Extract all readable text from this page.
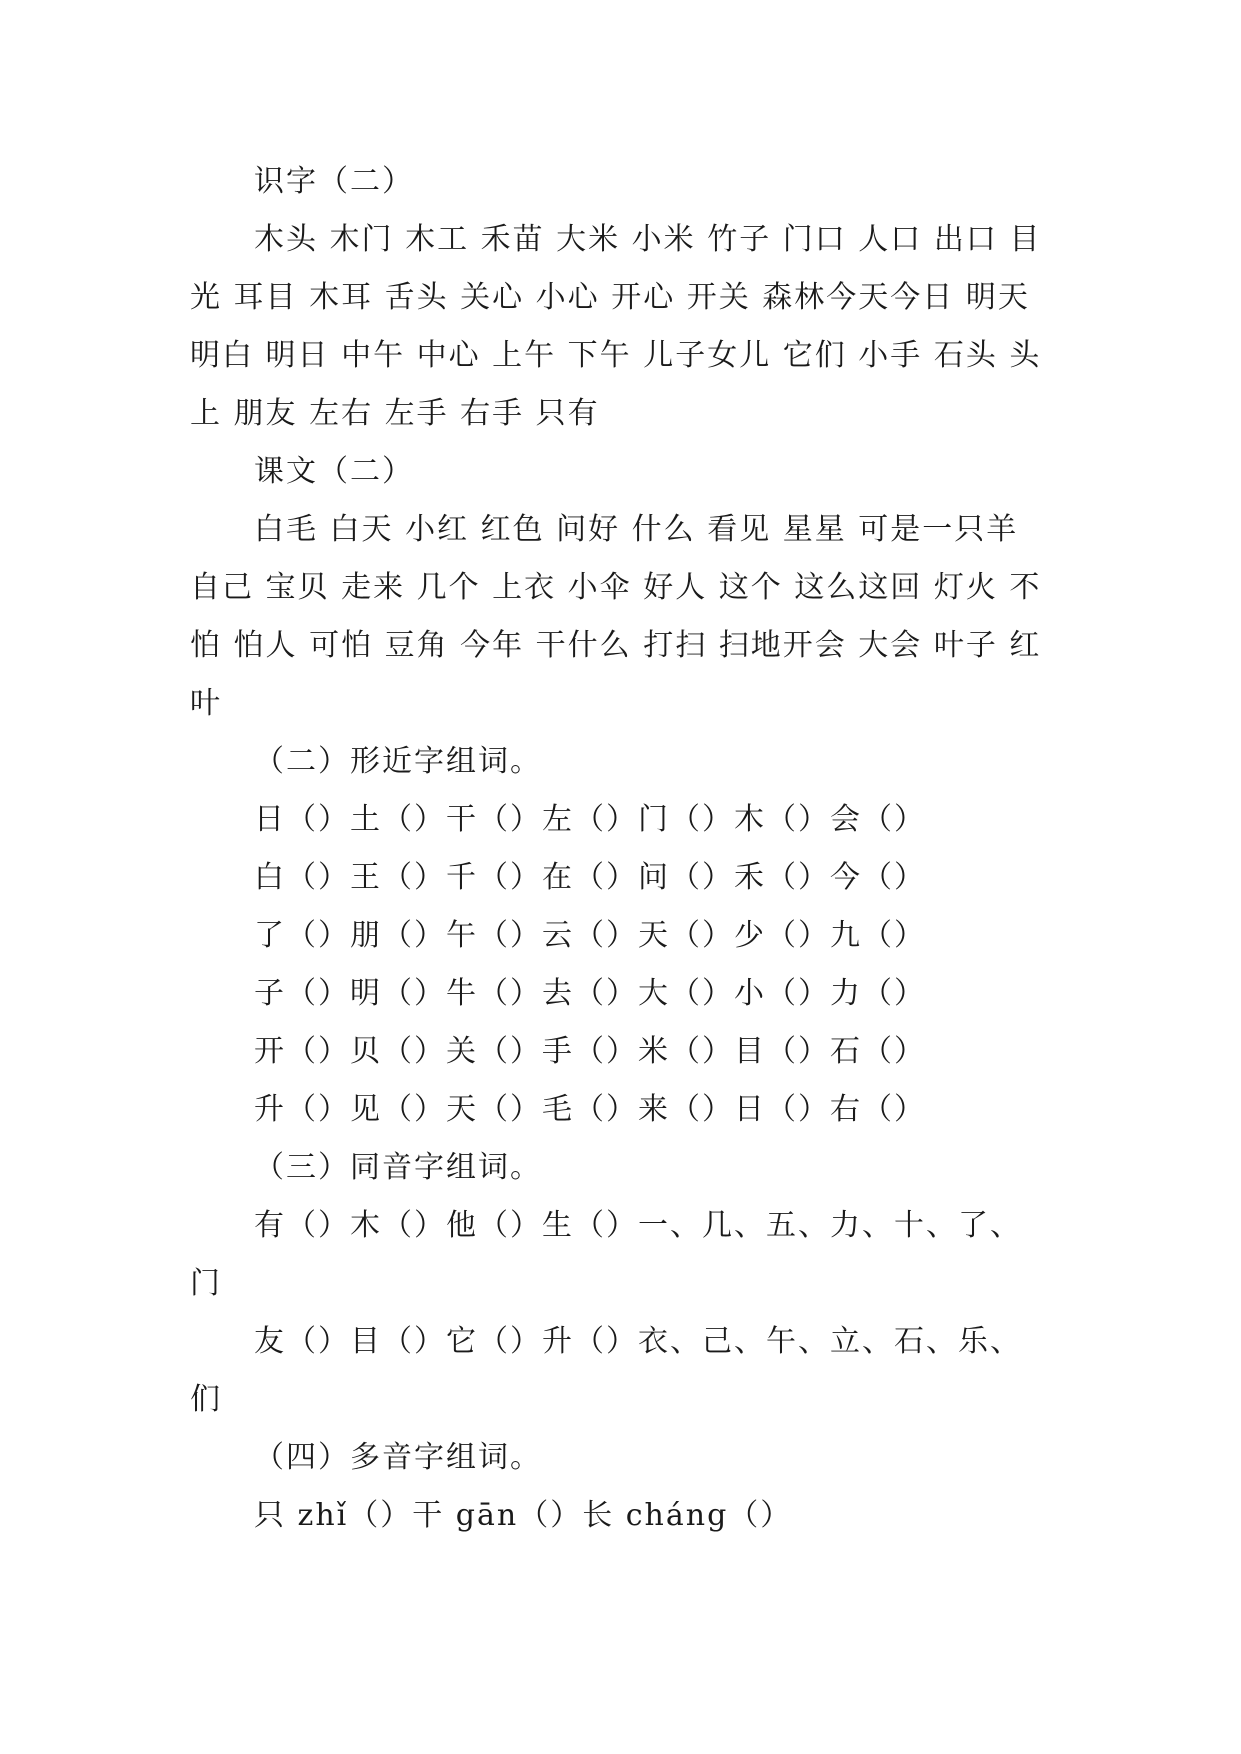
识字（二）

木头 木门 木工 禾苗 大米 小米 竹子 门口 人口 出口 目光 耳目 木耳 舌头 关心 小心 开心 开关 森林今天今日 明天 明白 明日 中午 中心 上午 下午 儿子女儿 它们 小手 石头 头上 朋友 左右 左手 右手 只有

课文（二）

白毛 白天 小红 红色 问好 什么 看见 星星 可是一只羊 自己 宝贝 走来 几个 上衣 小伞 好人 这个 这么这回 灯火 不怕 怕人 可怕 豆角 今年 干什么 打扫 扫地开会 大会 叶子 红叶

（二）形近字组词。

日（）土（）干（）左（）门（）木（）会（）

白（）王（）千（）在（）问（）禾（）今（）

了（）朋（）午（）云（）天（）少（）九（）

子（）明（）牛（）去（）大（）小（）力（）

开（）贝（）关（）手（）米（）目（）石（）

升（）见（）天（）毛（）来（）日（）右（）

（三）同音字组词。

有（）木（）他（）生（）一、几、五、力、十、了、门

友（）目（）它（）升（）衣、己、午、立、石、乐、们

（四）多音字组词。

只 zhǐ（）干 gān（）长 cháng（）
